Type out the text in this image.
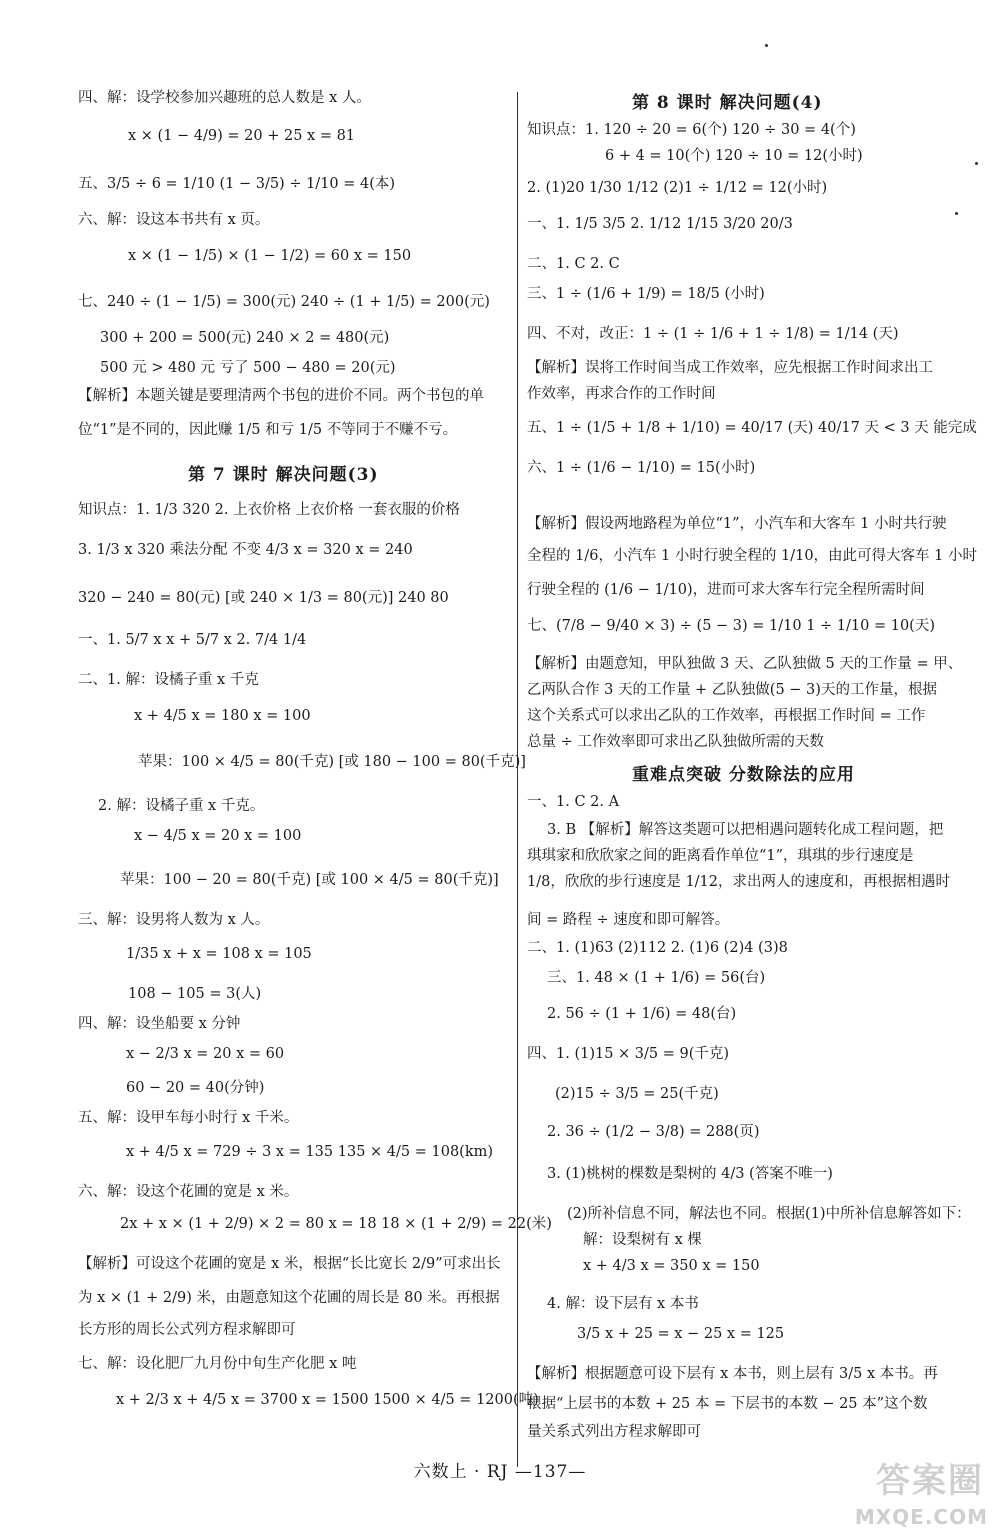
四、解：设学校参加兴趣班的总人数是 x 人。
x × (1 − 4/9) = 20 + 25 x = 81
五、3/5 ÷ 6 = 1/10 (1 − 3/5) ÷ 1/10 = 4(本)
六、解：设这本书共有 x 页。
x × (1 − 1/5) × (1 − 1/2) = 60 x = 150
七、240 ÷ (1 − 1/5) = 300(元) 240 ÷ (1 + 1/5) = 200(元)
300 + 200 = 500(元) 240 × 2 = 480(元)
500 元 > 480 元 亏了 500 − 480 = 20(元)
【解析】本题关键是要理清两个书包的进价不同。两个书包的单
位“1”是不同的，因此赚 1/5 和亏 1/5 不等同于不赚不亏。
第 7 课时 解决问题(3)
知识点：1. 1/3 320 2. 上衣价格 上衣价格 一套衣服的价格
3. 1/3 x 320 乘法分配 不变 4/3 x = 320 x = 240
320 − 240 = 80(元) [或 240 × 1/3 = 80(元)] 240 80
一、1. 5/7 x x + 5/7 x 2. 7/4 1/4
二、1. 解：设橘子重 x 千克
x + 4/5 x = 180 x = 100
苹果：100 × 4/5 = 80(千克) [或 180 − 100 = 80(千克)]
2. 解：设橘子重 x 千克。
x − 4/5 x = 20 x = 100
苹果：100 − 20 = 80(千克) [或 100 × 4/5 = 80(千克)]
三、解：设男将人数为 x 人。
1/35 x + x = 108 x = 105
108 − 105 = 3(人)
四、解：设坐船要 x 分钟
x − 2/3 x = 20 x = 60
60 − 20 = 40(分钟)
五、解：设甲车每小时行 x 千米。
x + 4/5 x = 729 ÷ 3 x = 135 135 × 4/5 = 108(km)
六、解：设这个花圃的宽是 x 米。
2x + x × (1 + 2/9) × 2 = 80 x = 18 18 × (1 + 2/9) = 22(米)
【解析】可设这个花圃的宽是 x 米，根据“长比宽长 2/9”可求出长
为 x × (1 + 2/9) 米，由题意知这个花圃的周长是 80 米。再根据
长方形的周长公式列方程求解即可
七、解：设化肥厂九月份中旬生产化肥 x 吨
x + 2/3 x + 4/5 x = 3700 x = 1500 1500 × 4/5 = 1200(吨)
第 8 课时 解决问题(4)
知识点：1. 120 ÷ 20 = 6(个) 120 ÷ 30 = 4(个)
6 + 4 = 10(个) 120 ÷ 10 = 12(小时)
2. (1)20 1/30 1/12 (2)1 ÷ 1/12 = 12(小时)
一、1. 1/5 3/5 2. 1/12 1/15 3/20 20/3
二、1. C 2. C
三、1 ÷ (1/6 + 1/9) = 18/5 (小时)
四、不对，改正：1 ÷ (1 ÷ 1/6 + 1 ÷ 1/8) = 1/14 (天)
【解析】误将工作时间当成工作效率，应先根据工作时间求出工
作效率，再求合作的工作时间
五、1 ÷ (1/5 + 1/8 + 1/10) = 40/17 (天) 40/17 天 < 3 天 能完成
六、1 ÷ (1/6 − 1/10) = 15(小时)
【解析】假设两地路程为单位“1”，小汽车和大客车 1 小时共行驶
全程的 1/6，小汽车 1 小时行驶全程的 1/10，由此可得大客车 1 小时
行驶全程的 (1/6 − 1/10)，进而可求大客车行完全程所需时间
七、(7/8 − 9/40 × 3) ÷ (5 − 3) = 1/10 1 ÷ 1/10 = 10(天)
【解析】由题意知，甲队独做 3 天、乙队独做 5 天的工作量 = 甲、
乙两队合作 3 天的工作量 + 乙队独做(5 − 3)天的工作量，根据
这个关系式可以求出乙队的工作效率，再根据工作时间 = 工作
总量 ÷ 工作效率即可求出乙队独做所需的天数
重难点突破 分数除法的应用
一、1. C 2. A
3. B 【解析】解答这类题可以把相遇问题转化成工程问题，把
琪琪家和欣欣家之间的距离看作单位“1”，琪琪的步行速度是
1/8，欣欣的步行速度是 1/12，求出两人的速度和，再根据相遇时
间 = 路程 ÷ 速度和即可解答。
二、1. (1)63 (2)112 2. (1)6 (2)4 (3)8
三、1. 48 × (1 + 1/6) = 56(台)
2. 56 ÷ (1 + 1/6) = 48(台)
四、1. (1)15 × 3/5 = 9(千克)
(2)15 ÷ 3/5 = 25(千克)
2. 36 ÷ (1/2 − 3/8) = 288(页)
3. (1)桃树的棵数是梨树的 4/3 (答案不唯一)
(2)所补信息不同，解法也不同。根据(1)中所补信息解答如下：
解：设梨树有 x 棵
x + 4/3 x = 350 x = 150
4. 解：设下层有 x 本书
3/5 x + 25 = x − 25 x = 125
【解析】根据题意可设下层有 x 本书，则上层有 3/5 x 本书。再
根据“上层书的本数 + 25 本 = 下层书的本数 − 25 本”这个数
量关系式列出方程求解即可
六数上 · RJ —137—	答案圈
MXQE.COM
